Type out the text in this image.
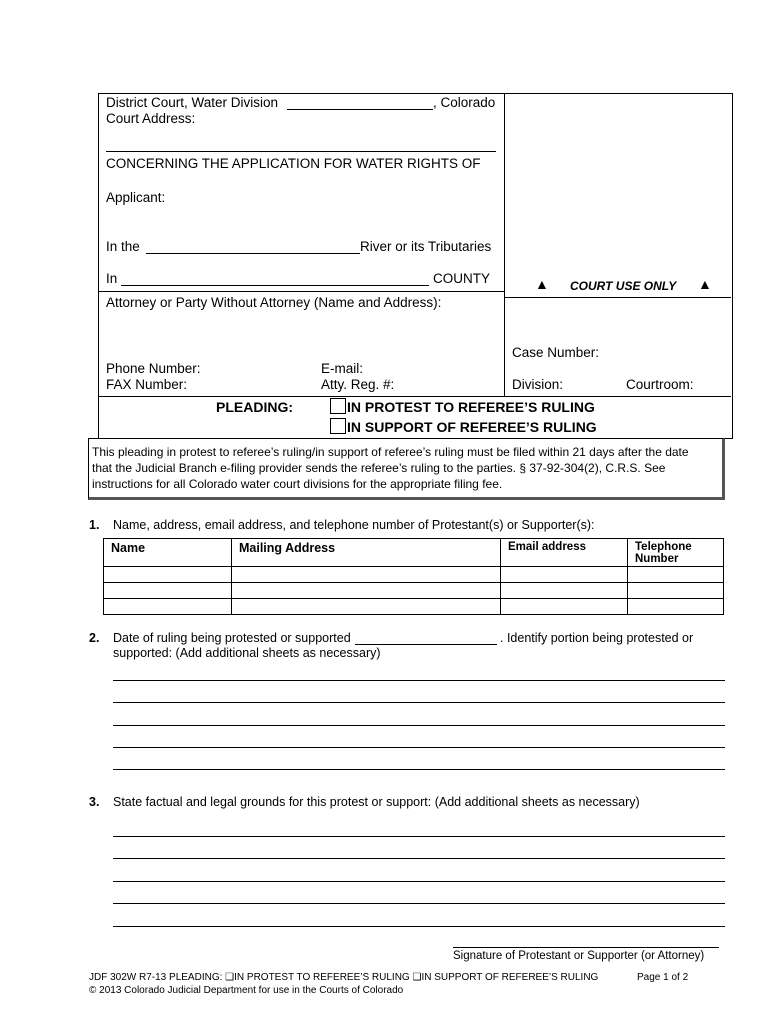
District Court, Water Division	, Colorado
Court Address:
CONCERNING THE APPLICATION FOR WATER RIGHTS OF
Applicant:
In the	River or its Tributaries
In	COUNTY
Attorney or Party Without Attorney (Name and Address):
Phone Number:	E-mail:
FAX Number:	Atty. Reg. #:
▲ COURT USE ONLY ▲
Case Number:
Division:	Courtroom:
PLEADING:	IN PROTEST TO REFEREE’S RULING
IN SUPPORT OF REFEREE’S RULING
This pleading in protest to referee’s ruling/in support of referee’s ruling must be filed within 21 days after the date
that the Judicial Branch e-filing provider sends the referee’s ruling to the parties. § 37-92-304(2), C.R.S. See
instructions for all Colorado water court divisions for the appropriate filing fee.
1. Name, address, email address, and telephone number of Protestant(s) or Supporter(s):
Name	Mailing Address	Email address	Telephone
Number

2. Date of ruling being protested or supported	. Identify portion being protested or
supported: (Add additional sheets as necessary)
3. State factual and legal grounds for this protest or support: (Add additional sheets as necessary)
Signature of Protestant or Supporter (or Attorney)
JDF 302W R7-13 PLEADING: ❑IN PROTEST TO REFEREE’S RULING ❑IN SUPPORT OF REFEREE’S RULING	Page 1 of 2
© 2013 Colorado Judicial Department for use in the Courts of Colorado
